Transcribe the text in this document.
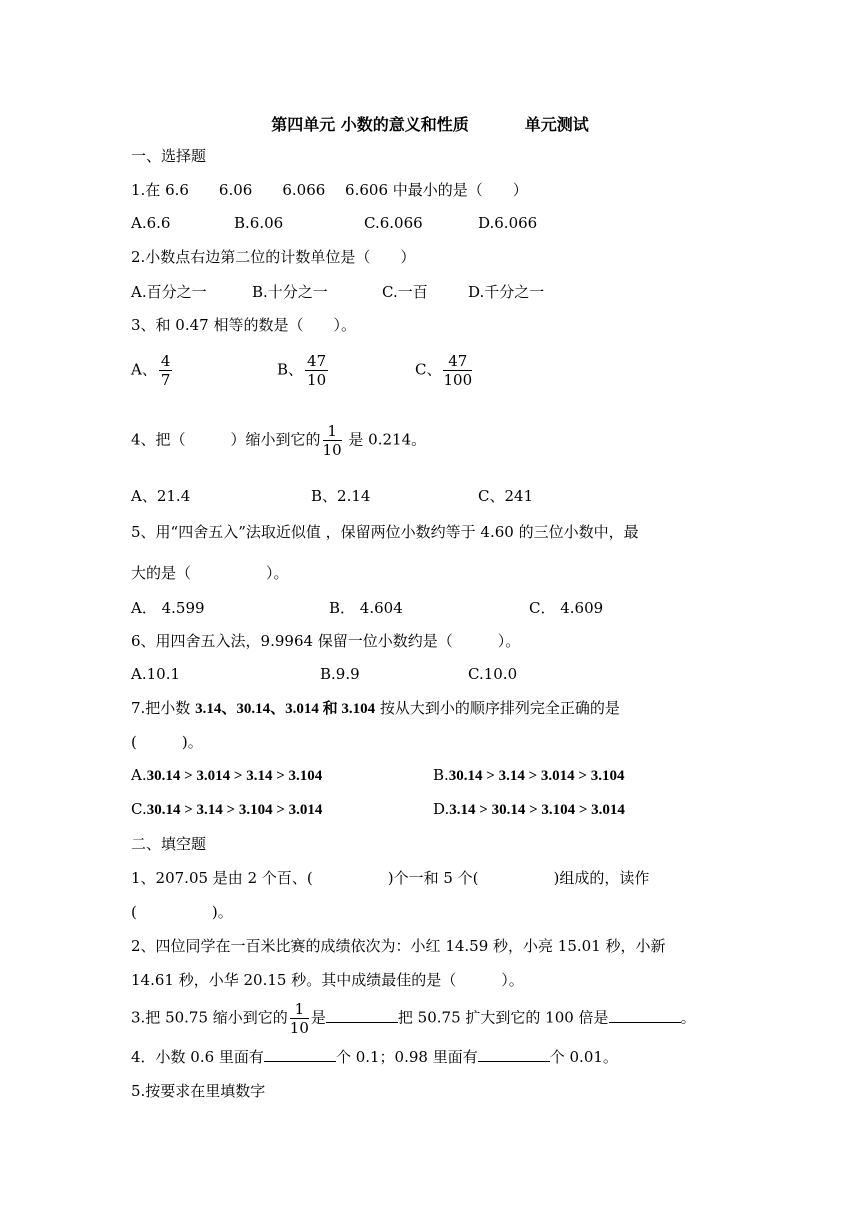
第四单元 小数的意义和性质	单元测试
一、选择题
1.在 6.6　　6.06　　6.066　 6.606 中最小的是（　　）
A.6.6	B.6.06	C.6.066	D.6.066
2.小数点右边第二位的计数单位是（　　）
A.百分之一	B.十分之一	C.一百	D.千分之一
3、和 0.47 相等的数是（　　）。
A、 $\frac{4}{7}$	B、 $\frac{47}{10}$	C、 $\frac{47}{100}$
4、把（　　　）缩小到它的 $\frac{1}{10}$ 是 0.214。
A、21.4	B、2.14	C、241
5、用“四舍五入”法取近似值 ，保留两位小数约等于 4.60 的三位小数中，最
大的是（　　　　　）。
A． 4.599	B． 4.604	C． 4.609
6、用四舍五入法，9.9964 保留一位小数约是（　　　）。
A.10.1	B.9.9	C.10.0
7.把小数 3.14、30.14、3.014 和 3.104 按从大到小的顺序排列完全正确的是
(　　　)。
A.30.14 > 3.014 > 3.14 > 3.104	B.30.14 > 3.14 > 3.014 > 3.104
C.30.14 > 3.14 > 3.104 > 3.014	D.3.14 > 30.14 > 3.104 > 3.014
二、填空题
1、207.05 是由 2 个百、(　　　　　)个一和 5 个(　　　　　)组成的，读作
(　　　　　)。
2、四位同学在一百米比赛的成绩依次为：小红 14.59 秒，小亮 15.01 秒，小新
14.61 秒，小华 20.15 秒。其中成绩最佳的是（　　　）。
3.把 50.75 缩小到它的 $\frac{1}{10}$ 是	把 50.75 扩大到它的 100 倍是	。
4．小数 0.6 里面有	个 0.1；0.98 里面有	个 0.01。
5.按要求在里填数字
